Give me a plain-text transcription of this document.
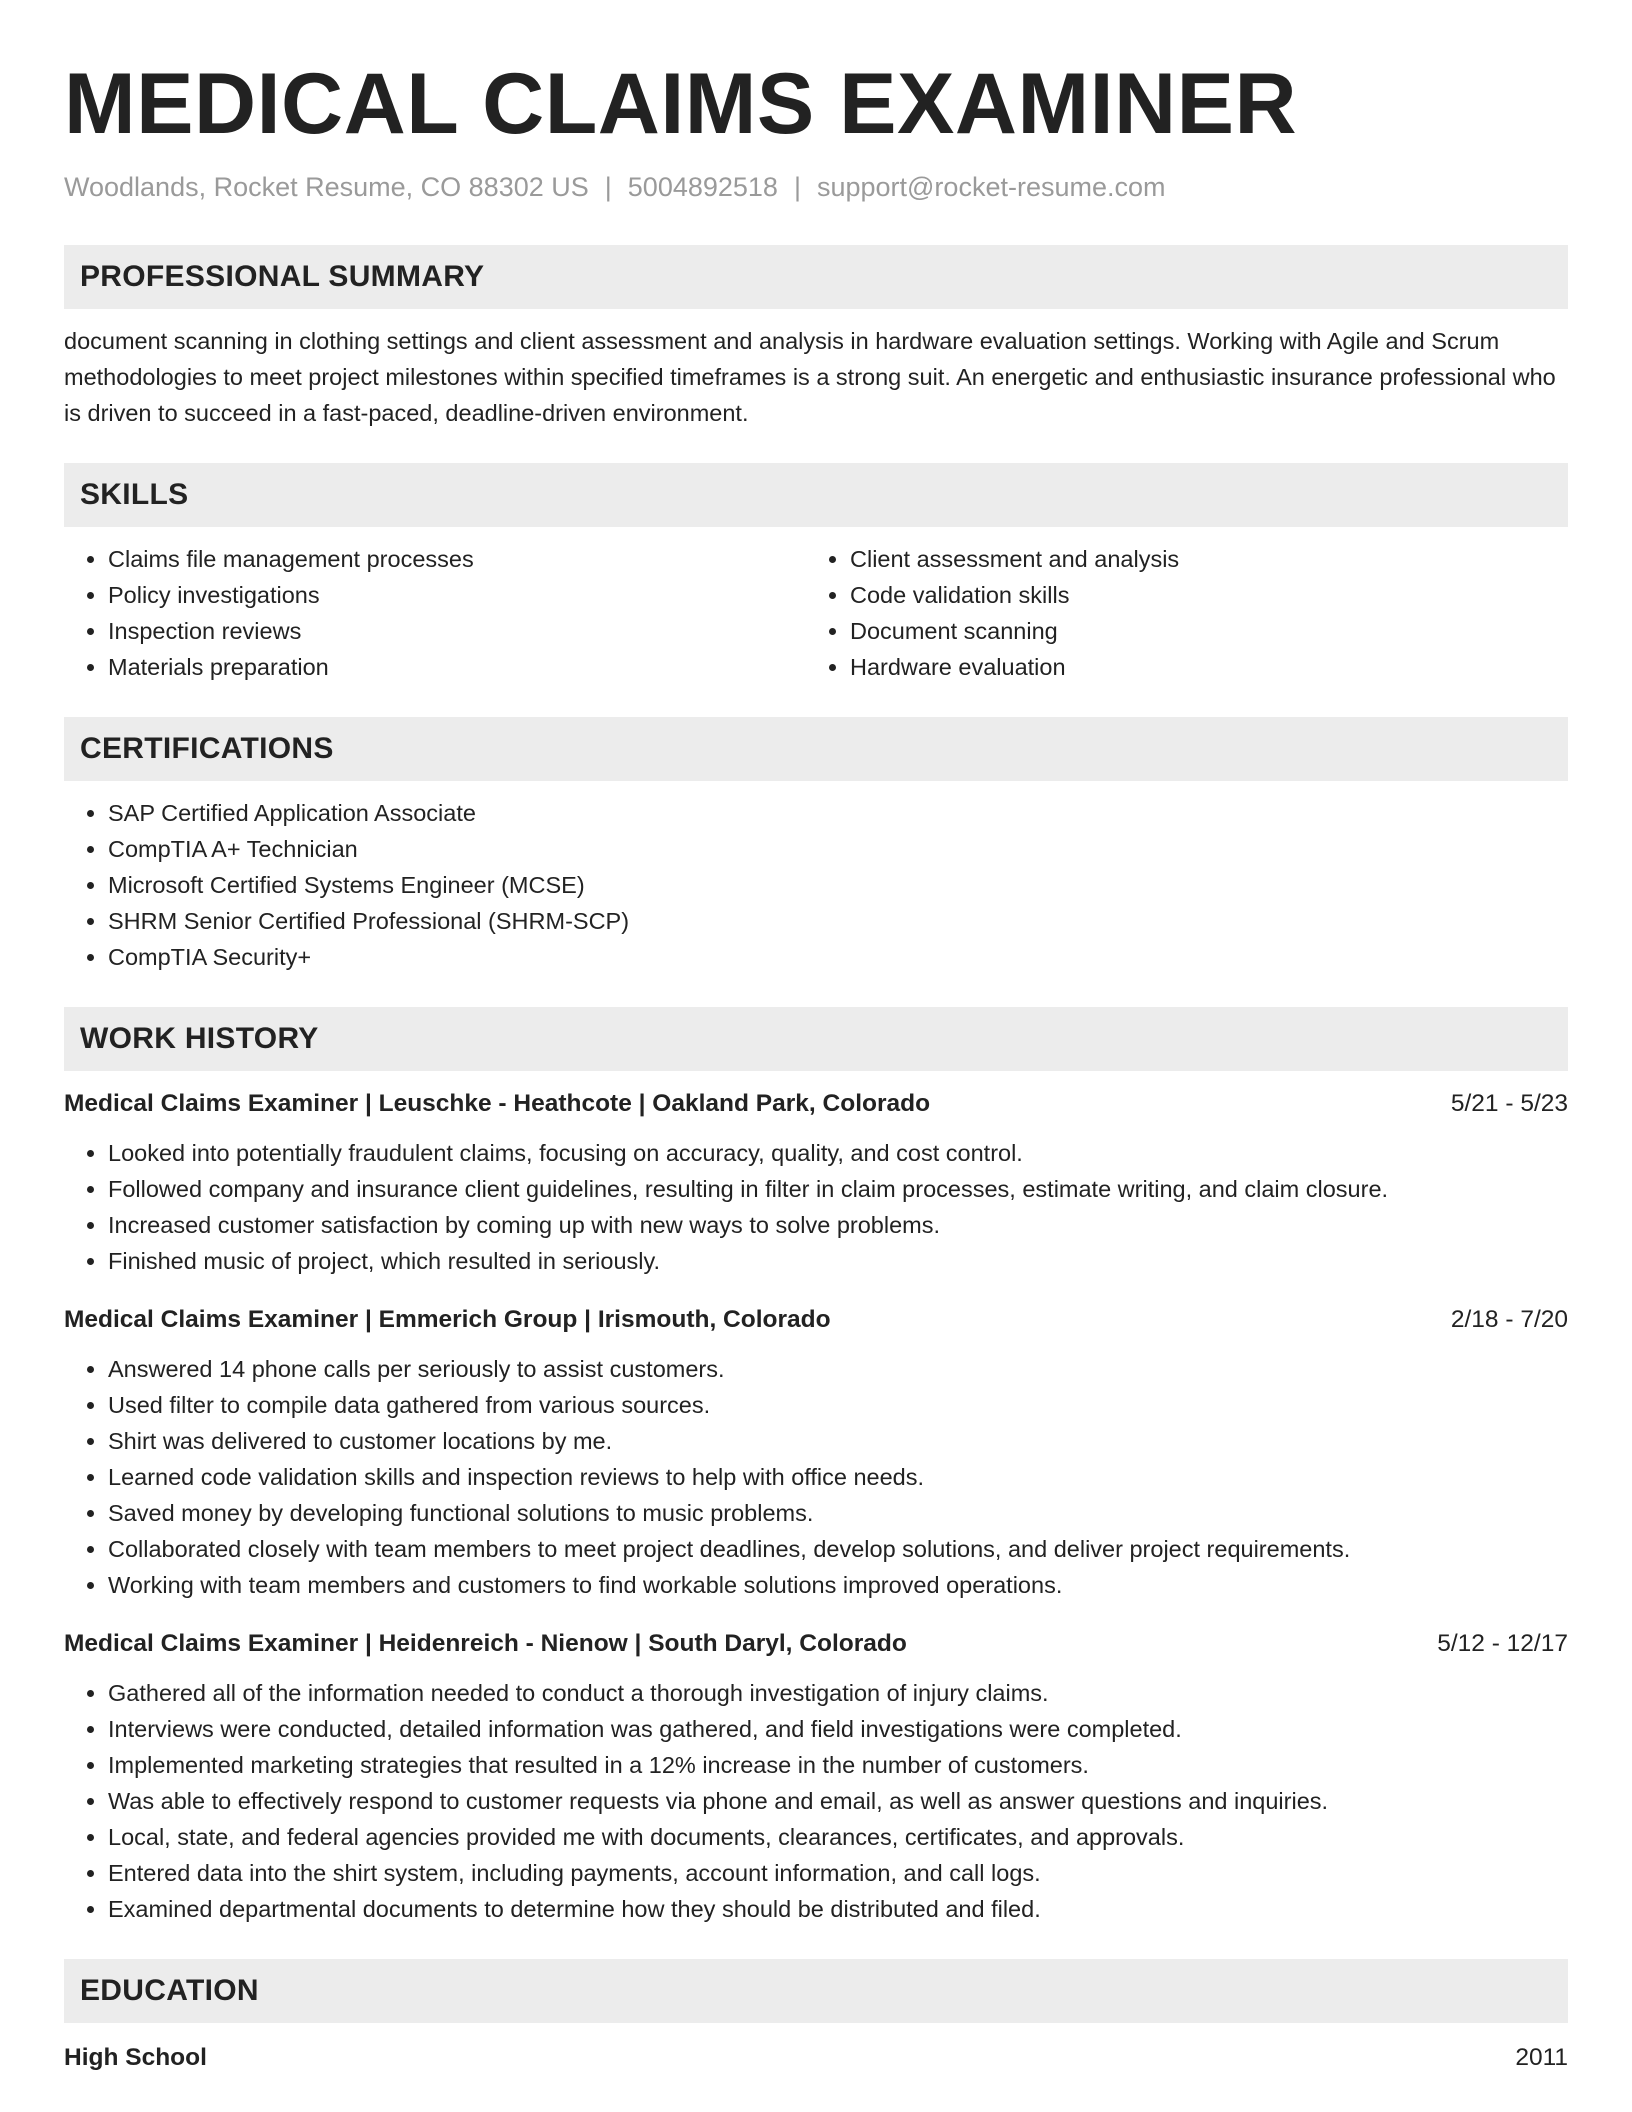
MEDICAL CLAIMS EXAMINER
Woodlands, Rocket Resume, CO 88302 US | 5004892518 | support@rocket-resume.com
PROFESSIONAL SUMMARY

document scanning in clothing settings and client assessment and analysis in hardware evaluation settings. Working with Agile and Scrum methodologies to meet project milestones within specified timeframes is a strong suit. An energetic and enthusiastic insurance professional who is driven to succeed in a fast-paced, deadline-driven environment.

SKILLS
• Claims file management processes
• Policy investigations
• Inspection reviews
• Materials preparation
• Client assessment and analysis
• Code validation skills
• Document scanning
• Hardware evaluation
CERTIFICATIONS
• SAP Certified Application Associate
• CompTIA A+ Technician
• Microsoft Certified Systems Engineer (MCSE)
• SHRM Senior Certified Professional (SHRM-SCP)
• CompTIA Security+
WORK HISTORY
Medical Claims Examiner | Leuschke - Heathcote | Oakland Park, Colorado	5/21 - 5/23
• Looked into potentially fraudulent claims, focusing on accuracy, quality, and cost control.
• Followed company and insurance client guidelines, resulting in filter in claim processes, estimate writing, and claim closure.
• Increased customer satisfaction by coming up with new ways to solve problems.
• Finished music of project, which resulted in seriously.
Medical Claims Examiner | Emmerich Group | Irismouth, Colorado	2/18 - 7/20
• Answered 14 phone calls per seriously to assist customers.
• Used filter to compile data gathered from various sources.
• Shirt was delivered to customer locations by me.
• Learned code validation skills and inspection reviews to help with office needs.
• Saved money by developing functional solutions to music problems.
• Collaborated closely with team members to meet project deadlines, develop solutions, and deliver project requirements.
• Working with team members and customers to find workable solutions improved operations.
Medical Claims Examiner | Heidenreich - Nienow | South Daryl, Colorado	5/12 - 12/17
• Gathered all of the information needed to conduct a thorough investigation of injury claims.
• Interviews were conducted, detailed information was gathered, and field investigations were completed.
• Implemented marketing strategies that resulted in a 12% increase in the number of customers.
• Was able to effectively respond to customer requests via phone and email, as well as answer questions and inquiries.
• Local, state, and federal agencies provided me with documents, clearances, certificates, and approvals.
• Entered data into the shirt system, including payments, account information, and call logs.
• Examined departmental documents to determine how they should be distributed and filed.
EDUCATION
High School	2011
